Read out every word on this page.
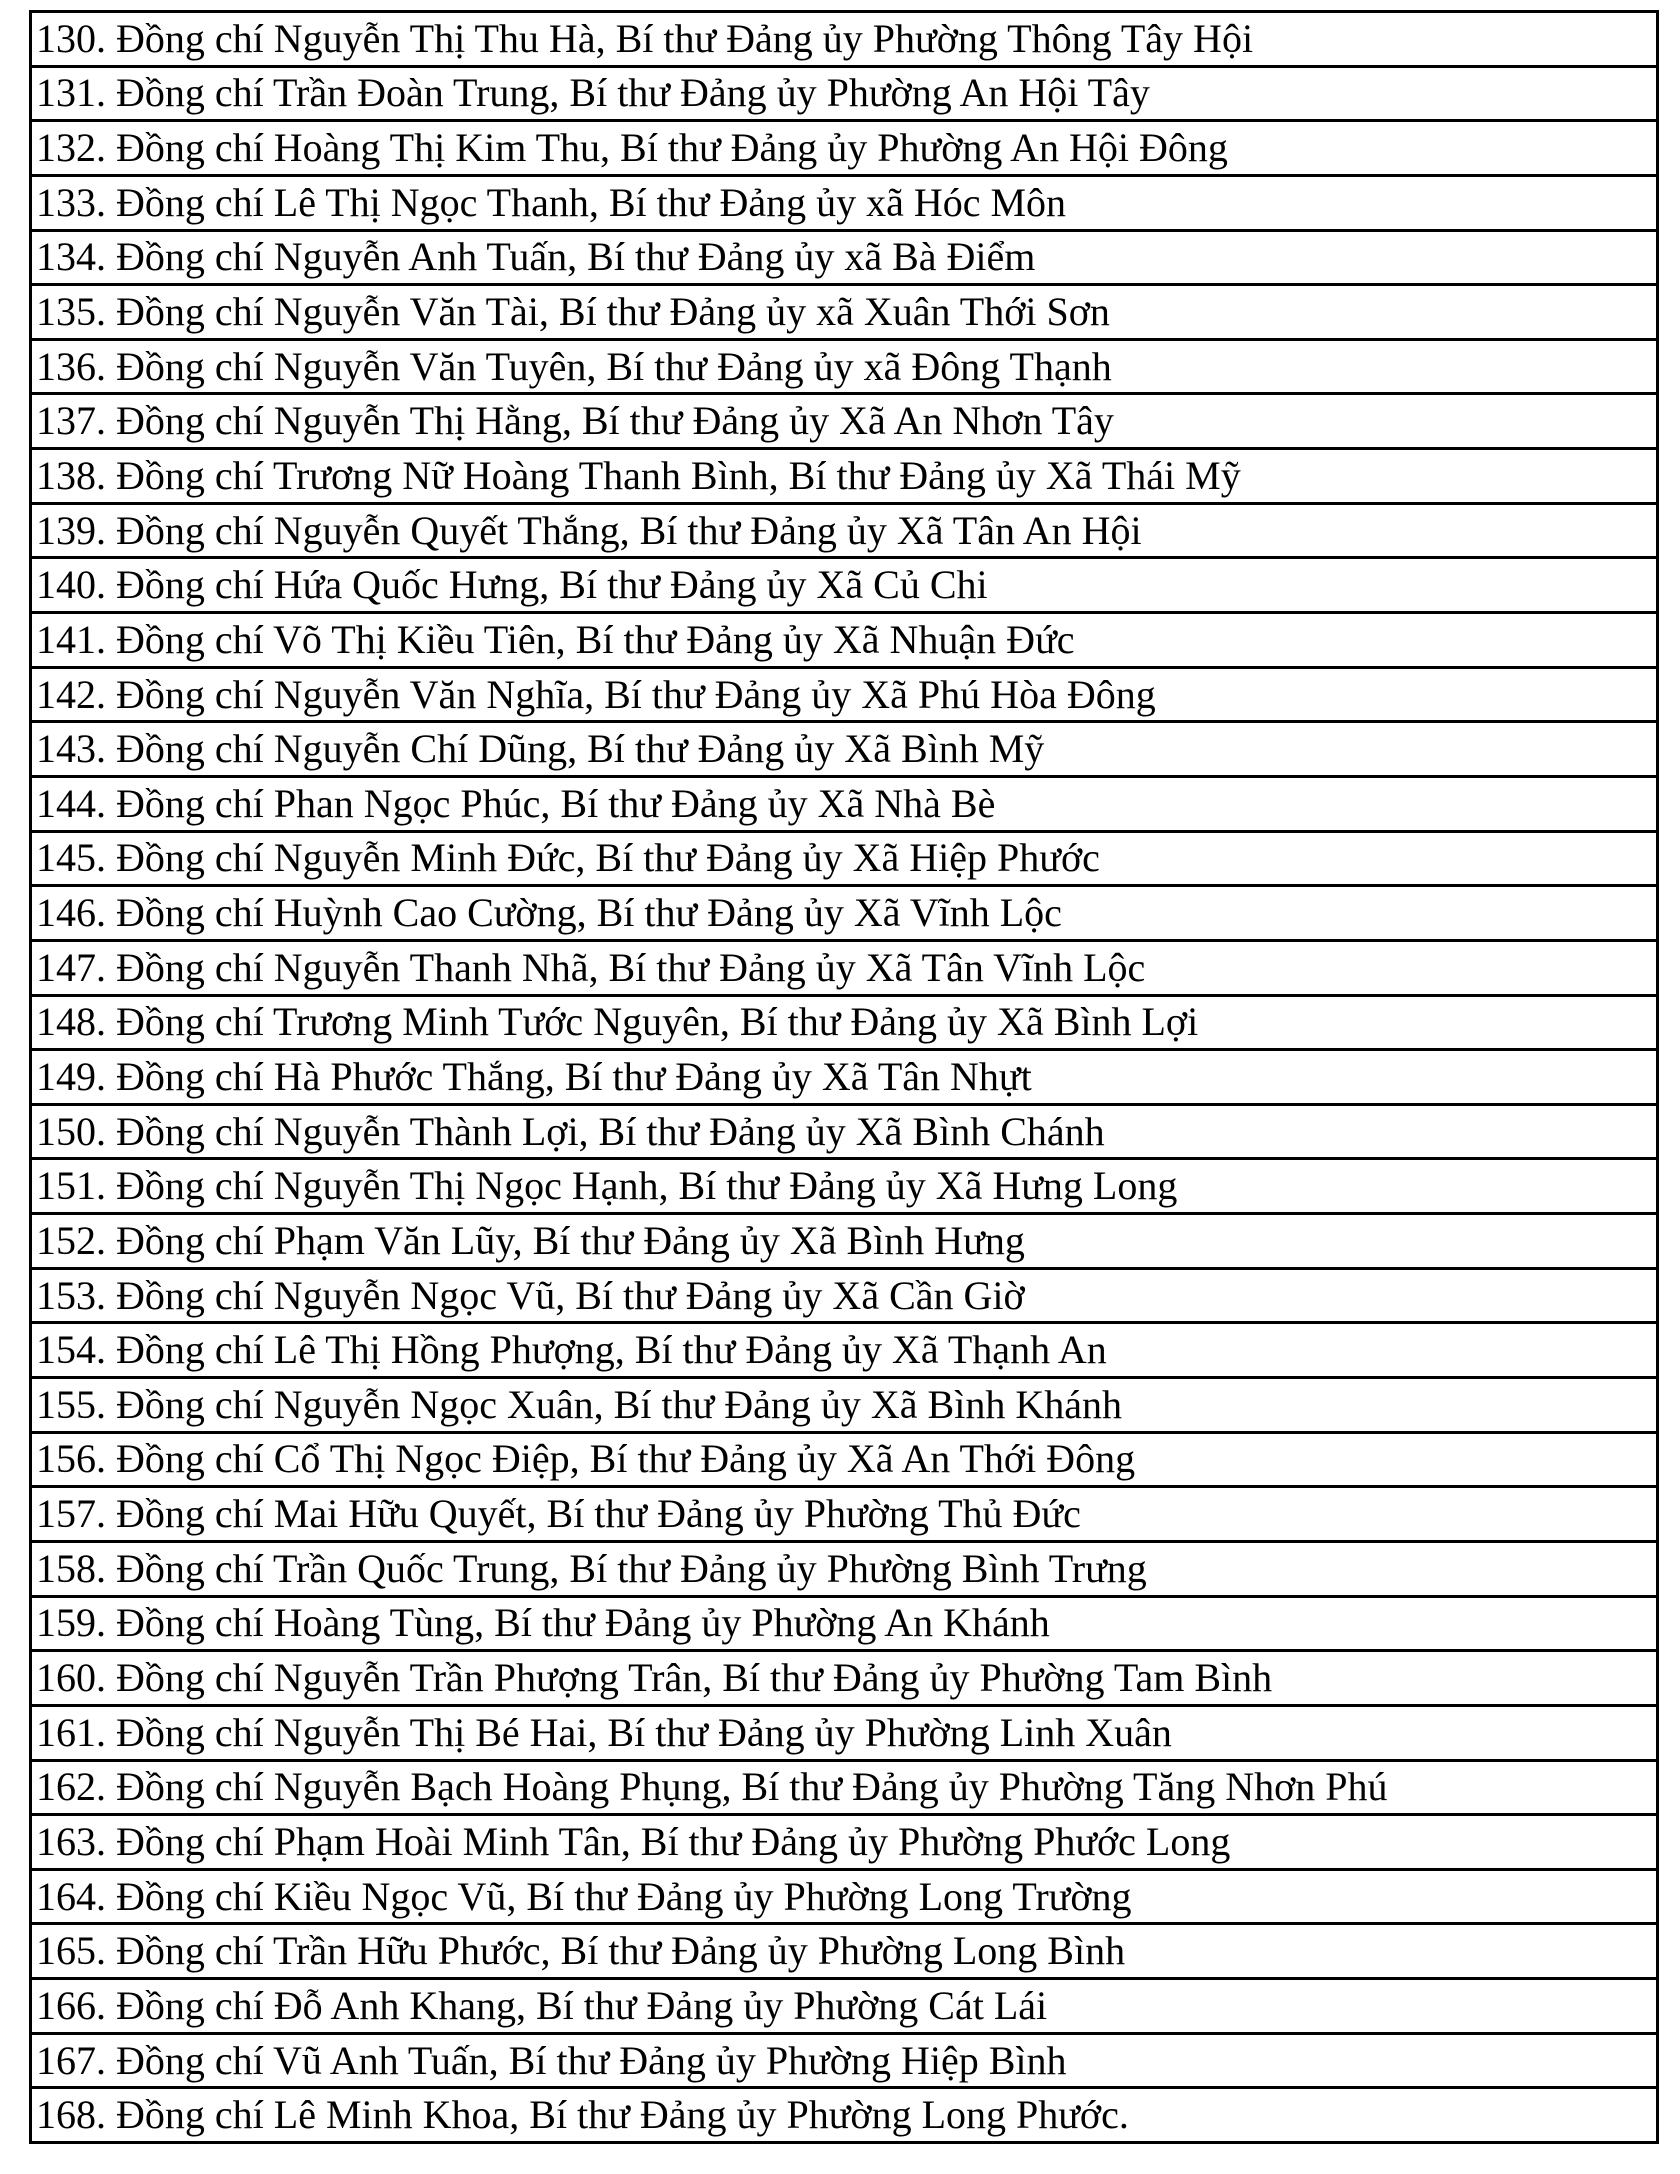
130. Đồng chí Nguyễn Thị Thu Hà, Bí thư Đảng ủy Phường Thông Tây Hội
131. Đồng chí Trần Đoàn Trung, Bí thư Đảng ủy Phường An Hội Tây
132. Đồng chí Hoàng Thị Kim Thu, Bí thư Đảng ủy Phường An Hội Đông
133. Đồng chí Lê Thị Ngọc Thanh, Bí thư Đảng ủy xã Hóc Môn
134. Đồng chí Nguyễn Anh Tuấn, Bí thư Đảng ủy xã Bà Điểm
135. Đồng chí Nguyễn Văn Tài, Bí thư Đảng ủy xã Xuân Thới Sơn
136. Đồng chí Nguyễn Văn Tuyên, Bí thư Đảng ủy xã Đông Thạnh
137. Đồng chí Nguyễn Thị Hằng, Bí thư Đảng ủy Xã An Nhơn Tây
138. Đồng chí Trương Nữ Hoàng Thanh Bình, Bí thư Đảng ủy Xã Thái Mỹ
139. Đồng chí Nguyễn Quyết Thắng, Bí thư Đảng ủy Xã Tân An Hội
140. Đồng chí Hứa Quốc Hưng, Bí thư Đảng ủy Xã Củ Chi
141. Đồng chí Võ Thị Kiều Tiên, Bí thư Đảng ủy Xã Nhuận Đức
142. Đồng chí Nguyễn Văn Nghĩa, Bí thư Đảng ủy Xã Phú Hòa Đông
143. Đồng chí Nguyễn Chí Dũng, Bí thư Đảng ủy Xã Bình Mỹ
144. Đồng chí Phan Ngọc Phúc, Bí thư Đảng ủy Xã Nhà Bè
145. Đồng chí Nguyễn Minh Đức, Bí thư Đảng ủy Xã Hiệp Phước
146. Đồng chí Huỳnh Cao Cường, Bí thư Đảng ủy Xã Vĩnh Lộc
147. Đồng chí Nguyễn Thanh Nhã, Bí thư Đảng ủy Xã Tân Vĩnh Lộc
148. Đồng chí Trương Minh Tước Nguyên, Bí thư Đảng ủy Xã Bình Lợi
149. Đồng chí Hà Phước Thắng, Bí thư Đảng ủy Xã Tân Nhựt
150. Đồng chí Nguyễn Thành Lợi, Bí thư Đảng ủy Xã Bình Chánh
151. Đồng chí Nguyễn Thị Ngọc Hạnh, Bí thư Đảng ủy Xã Hưng Long
152. Đồng chí Phạm Văn Lũy, Bí thư Đảng ủy Xã Bình Hưng
153. Đồng chí Nguyễn Ngọc Vũ, Bí thư Đảng ủy Xã Cần Giờ
154. Đồng chí Lê Thị Hồng Phượng, Bí thư Đảng ủy Xã Thạnh An
155. Đồng chí Nguyễn Ngọc Xuân, Bí thư Đảng ủy Xã Bình Khánh
156. Đồng chí Cổ Thị Ngọc Điệp, Bí thư Đảng ủy Xã An Thới Đông
157. Đồng chí Mai Hữu Quyết, Bí thư Đảng ủy Phường Thủ Đức
158. Đồng chí Trần Quốc Trung, Bí thư Đảng ủy Phường Bình Trưng
159. Đồng chí Hoàng Tùng, Bí thư Đảng ủy Phường An Khánh
160. Đồng chí Nguyễn Trần Phượng Trân, Bí thư Đảng ủy Phường Tam Bình
161. Đồng chí Nguyễn Thị Bé Hai, Bí thư Đảng ủy Phường Linh Xuân
162. Đồng chí Nguyễn Bạch Hoàng Phụng, Bí thư Đảng ủy Phường Tăng Nhơn Phú
163. Đồng chí Phạm Hoài Minh Tân, Bí thư Đảng ủy Phường Phước Long
164. Đồng chí Kiều Ngọc Vũ, Bí thư Đảng ủy Phường Long Trường
165. Đồng chí Trần Hữu Phước, Bí thư Đảng ủy Phường Long Bình
166. Đồng chí Đỗ Anh Khang, Bí thư Đảng ủy Phường Cát Lái
167. Đồng chí Vũ Anh Tuấn, Bí thư Đảng ủy Phường Hiệp Bình
168. Đồng chí Lê Minh Khoa, Bí thư Đảng ủy Phường Long Phước.
